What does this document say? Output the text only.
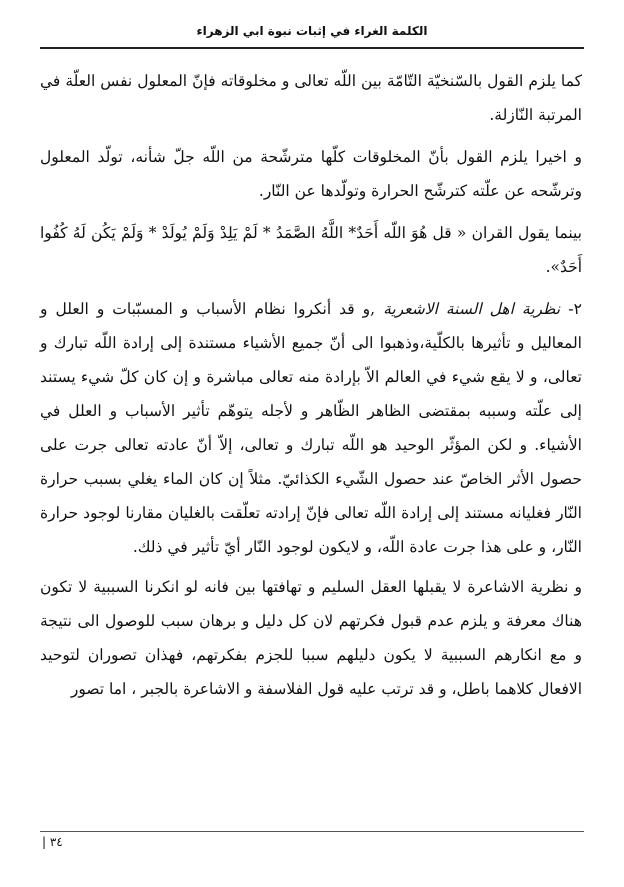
الكلمة الغراء في إثبات نبوة ابي الزهراء

كما يلزم القول بالسّنخيّة التّامّة بين اللّه تعالى و مخلوقاته فإنّ المعلول نفس العلّة في المرتبة النّازلة.

و اخيرا يلزم القول بأنّ المخلوقات كلّها مترشّحة من اللّه جلّ شأنه، تولّد المعلول وترشّحه عن علّته كترشّح الحرارة وتولّدها عن النّار.

بينما يقول القران « قل هُوَ اللّه أَحَدٌ* اللَّهُ الصَّمَدُ * لَمْ يَلِدْ وَلَمْ يُولَدْ * وَلَمْ يَكُن لَهُ كُفُوا أَحَدٌ».

٢- نظرية اهل السنة الاشعرية ,و قد أنكروا نظام الأسباب و المسبّبات و العلل و المعاليل و تأثيرها بالكلّية،وذهبوا الى أنّ جميع الأشياء مستندة إلى إرادة اللّه تبارك و تعالى، و لا يقع شيء في العالم الاّ بإرادة منه تعالى مباشرة و إن كان كلّ شيء يستند إلى علّته وسببه بمقتضى الظاهر الظّاهر و لأجله يتوهّم تأثير الأسباب و العلل في الأشياء. و لكن المؤثّر الوحيد هو اللّه تبارك و تعالى، إلاّ أنّ عادته تعالى جرت على حصول الأثر الخاصّ عند حصول الشّيء الكذائيّ. مثلاً إن كان الماء يغلي بسبب حرارة النّار فغليانه مستند إلى إرادة اللّه تعالى فإنّ إرادته تعلّقت بالغليان مقارنا لوجود حرارة النّار، و على هذا جرت عادة اللّه، و لايكون لوجود النّار أيّ تأثير في ذلك.

و نظرية الاشاعرة لا يقبلها العقل السليم و تهافتها بين فانه لو انكرنا السببية لا تكون هناك معرفة و يلزم عدم قبول فكرتهم لان كل دليل و برهان سبب للوصول الى نتيجة و مع انكارهم السببية لا يكون دليلهم سببا للجزم بفكرتهم، فهذان تصوران لتوحيد الافعال كلاهما باطل، و قد ترتب عليه قول الفلاسفة و الاشاعرة بالجبر ، اما تصور

٣٤ |
